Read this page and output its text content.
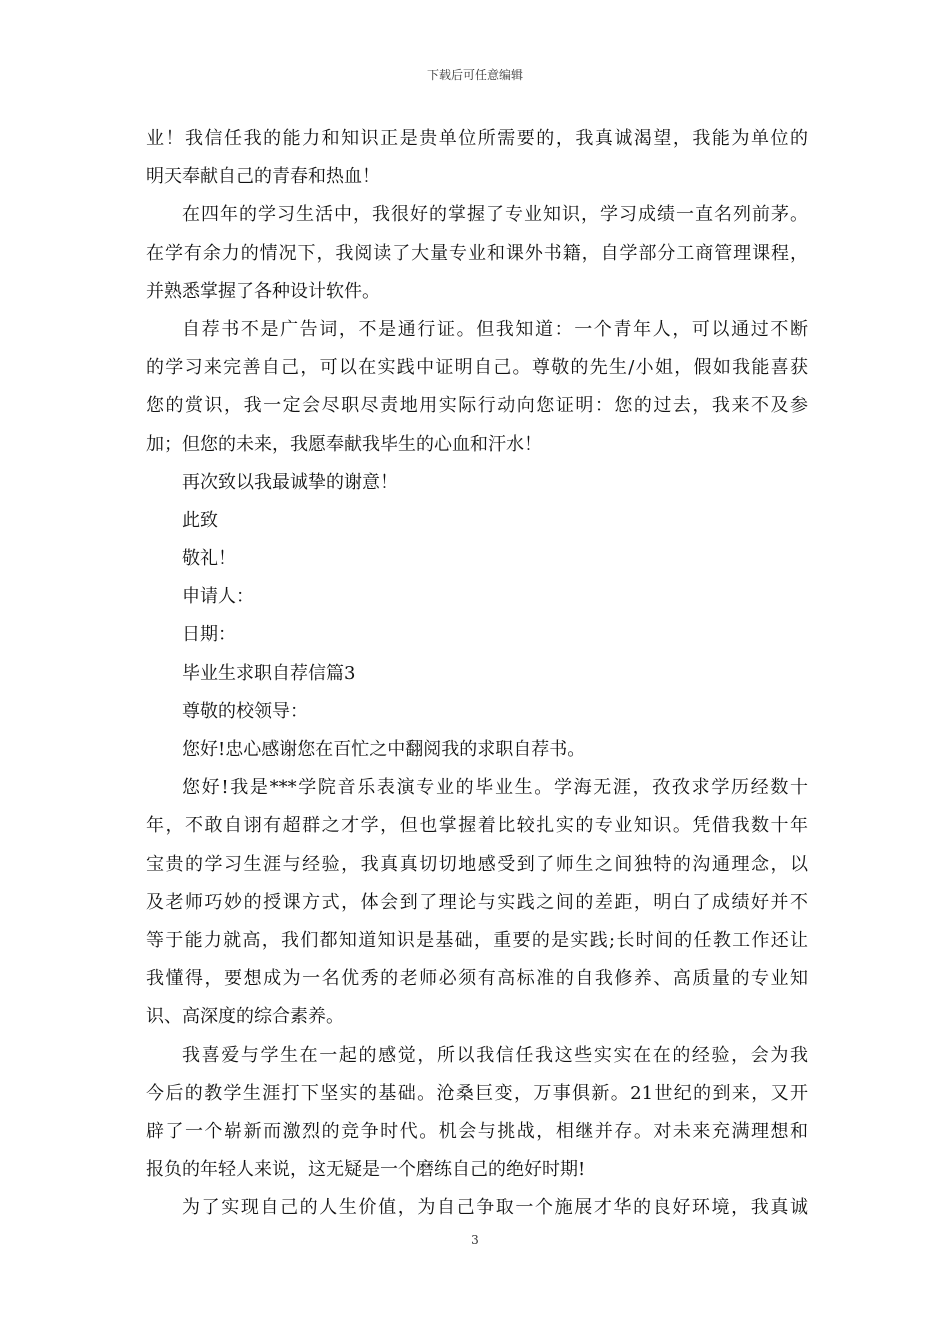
下载后可任意编辑
业！我信任我的能力和知识正是贵单位所需要的，我真诚渴望，我能为单位的
明天奉献自己的青春和热血！
在四年的学习生活中，我很好的掌握了专业知识，学习成绩一直名列前茅。
在学有余力的情况下，我阅读了大量专业和课外书籍，自学部分工商管理课程，
并熟悉掌握了各种设计软件。
自荐书不是广告词，不是通行证。但我知道：一个青年人，可以通过不断
的学习来完善自己，可以在实践中证明自己。尊敬的先生/小姐，假如我能喜获
您的赏识，我一定会尽职尽责地用实际行动向您证明：您的过去，我来不及参
加；但您的未来，我愿奉献我毕生的心血和汗水！
再次致以我最诚挚的谢意！
此致
敬礼！
申请人：
日期：
毕业生求职自荐信篇3
尊敬的校领导：
您好!忠心感谢您在百忙之中翻阅我的求职自荐书。
您好!我是***学院音乐表演专业的毕业生。学海无涯，孜孜求学历经数十
年，不敢自诩有超群之才学，但也掌握着比较扎实的专业知识。凭借我数十年
宝贵的学习生涯与经验，我真真切切地感受到了师生之间独特的沟通理念，以
及老师巧妙的授课方式，体会到了理论与实践之间的差距，明白了成绩好并不
等于能力就高，我们都知道知识是基础，重要的是实践;长时间的任教工作还让
我懂得，要想成为一名优秀的老师必须有高标准的自我修养、高质量的专业知
识、高深度的综合素养。
我喜爱与学生在一起的感觉，所以我信任我这些实实在在的经验，会为我
今后的教学生涯打下坚实的基础。沧桑巨变，万事俱新。21世纪的到来，又开
辟了一个崭新而激烈的竞争时代。机会与挑战，相继并存。对未来充满理想和
报负的年轻人来说，这无疑是一个磨练自己的绝好时期!
为了实现自己的人生价值，为自己争取一个施展才华的良好环境，我真诚
3
